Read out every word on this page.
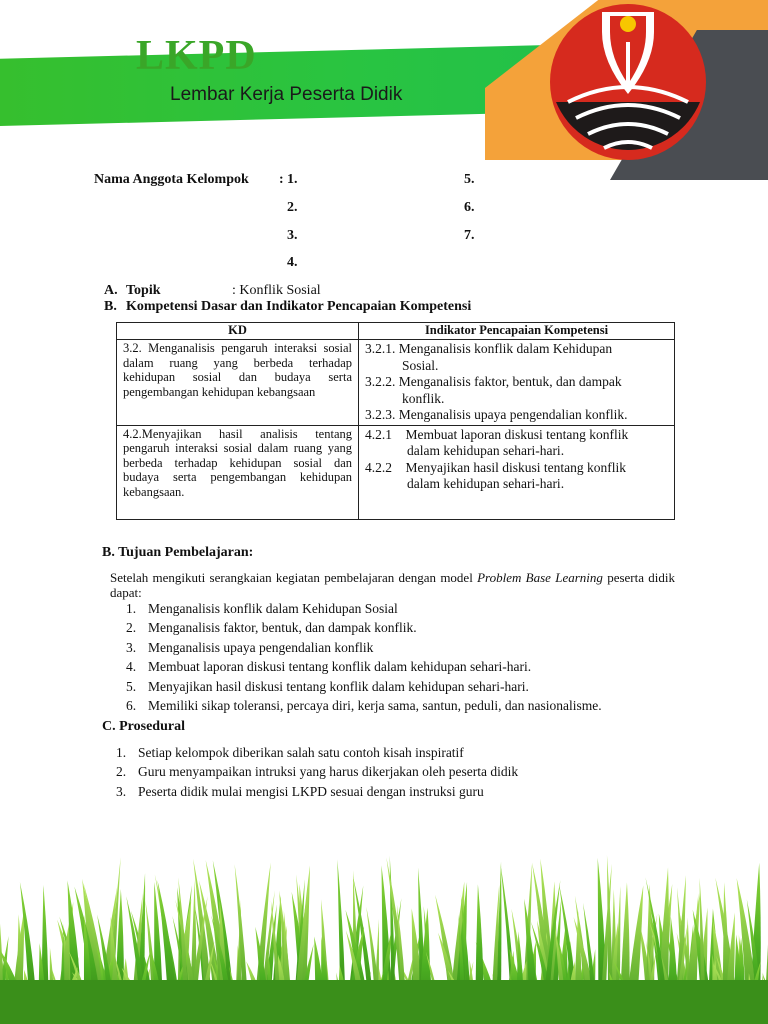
LKPD
Lembar Kerja Peserta Didik
Nama Anggota Kelompok : 1.
2.
3.
4.
5.
6.
7.
A. Topik	: Konflik Sosial
B. Kompetensi Dasar dan Indikator Pencapaian Kompetensi
KD	Indikator Pencapaian Kompetensi
3.2. Menganalisis pengaruh interaksi sosial dalam ruang yang berbeda terhadap kehidupan sosial dan budaya serta pengembangan kehidupan kebangsaan	3.2.1. Menganalisis konflik dalam Kehidupan
Sosial.
3.2.2. Menganalisis faktor, bentuk, dan dampak
konflik.
3.2.3. Menganalisis upaya pengendalian konflik.

4.2.Menyajikan hasil analisis tentang pengaruh interaksi sosial dalam ruang yang berbeda terhadap kehidupan sosial dan budaya serta pengembangan kehidupan kebangsaan.	4.2.1 Membuat laporan diskusi tentang konflik
dalam kehidupan sehari-hari.
4.2.2 Menyajikan hasil diskusi tentang konflik
dalam kehidupan sehari-hari.
B. Tujuan Pembelajaran:
Setelah mengikuti serangkaian kegiatan pembelajaran dengan model Problem Base Learning peserta didik dapat:
1. Menganalisis konflik dalam Kehidupan Sosial
2. Menganalisis faktor, bentuk, dan dampak konflik.
3. Menganalisis upaya pengendalian konflik
4. Membuat laporan diskusi tentang konflik dalam kehidupan sehari-hari.
5. Menyajikan hasil diskusi tentang konflik dalam kehidupan sehari-hari.
6. Memiliki sikap toleransi, percaya diri, kerja sama, santun, peduli, dan nasionalisme.
C. Prosedural
1. Setiap kelompok diberikan salah satu contoh kisah inspiratif
2. Guru menyampaikan intruksi yang harus dikerjakan oleh peserta didik
3. Peserta didik mulai mengisi LKPD sesuai dengan instruksi guru
